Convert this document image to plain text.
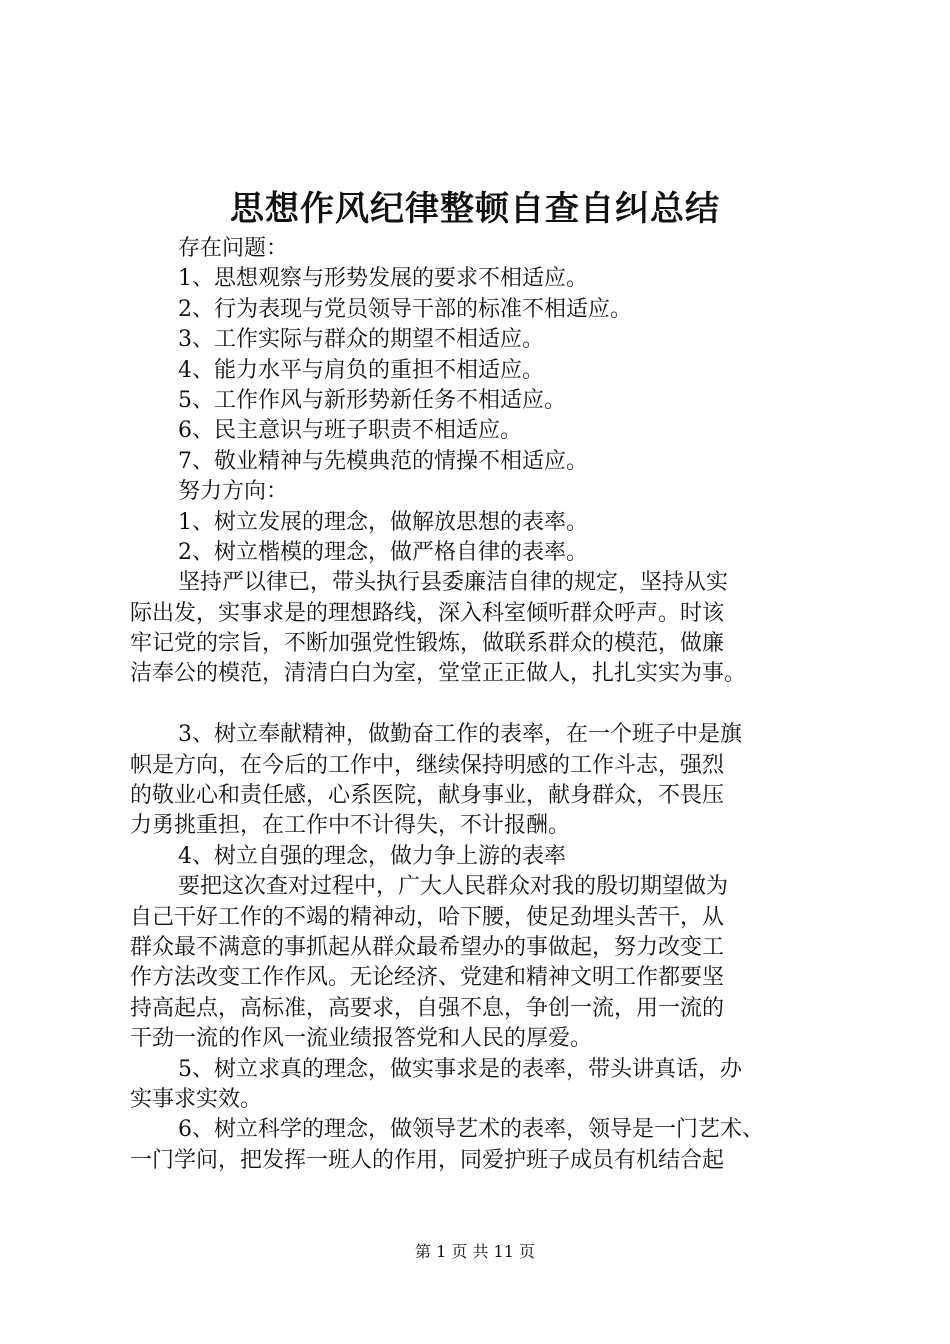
思想作风纪律整顿自查自纠总结
存在问题：
1、思想观察与形势发展的要求不相适应。
2、行为表现与党员领导干部的标准不相适应。
3、工作实际与群众的期望不相适应。
4、能力水平与肩负的重担不相适应。
5、工作作风与新形势新任务不相适应。
6、民主意识与班子职责不相适应。
7、敬业精神与先模典范的情操不相适应。
努力方向：
1、树立发展的理念，做解放思想的表率。
2、树立楷模的理念，做严格自律的表率。
坚持严以律已，带头执行县委廉洁自律的规定，坚持从实
际出发，实事求是的理想路线，深入科室倾听群众呼声。时该
牢记党的宗旨，不断加强党性锻炼，做联系群众的模范，做廉
洁奉公的模范，清清白白为室，堂堂正正做人，扎扎实实为事。
3、树立奉献精神，做勤奋工作的表率，在一个班子中是旗
帜是方向，在今后的工作中，继续保持明感的工作斗志，强烈
的敬业心和责任感，心系医院，献身事业，献身群众，不畏压
力勇挑重担，在工作中不计得失，不计报酬。
4、树立自强的理念，做力争上游的表率
要把这次查对过程中，广大人民群众对我的殷切期望做为
自己干好工作的不竭的精神动，哈下腰，使足劲埋头苦干，从
群众最不满意的事抓起从群众最希望办的事做起，努力改变工
作方法改变工作作风。无论经济、党建和精神文明工作都要坚
持高起点，高标准，高要求，自强不息，争创一流，用一流的
干劲一流的作风一流业绩报答党和人民的厚爱。
5、树立求真的理念，做实事求是的表率，带头讲真话，办
实事求实效。
6、树立科学的理念，做领导艺术的表率，领导是一门艺术、
一门学问，把发挥一班人的作用，同爱护班子成员有机结合起
第 1 页 共 11 页
